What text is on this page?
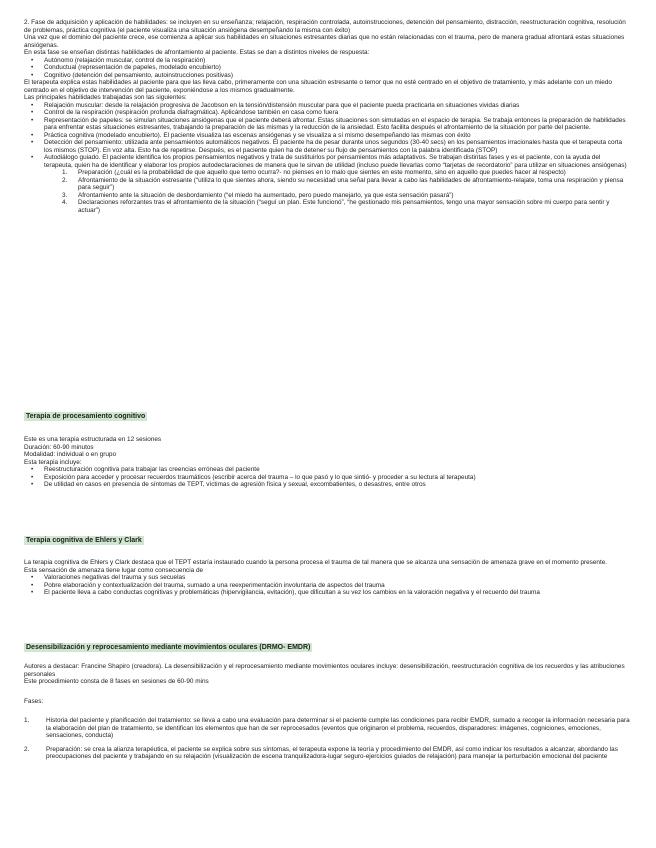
2. Fase de adquisición y aplicación de habilidades: se incluyen en su enseñanza; relajación, respiración controlada, autoinstrucciones, detención del pensamiento, distracción, reestructuración cognitiva, resolución de problemas, práctica cognitiva (el paciente visualiza una situación ansiógena desempeñando la misma con éxito)

Una vez que el dominio del paciente crece, ese comienza a aplicar sus habilidades en situaciones estresantes diarias que no están relacionadas con el trauma, pero de manera gradual afrontará estas situaciones ansiógenas.

En esta fase se enseñan distintas habilidades de afrontamiento al paciente. Estas se dan a distintos niveles de respuesta:

• Autónomo (relajación muscular, control de la respiración)
• Conductual (representación de papeles, modelado encubierto)
• Cognitivo (detención del pensamiento, autoinstrucciones positivas)

El terapeuta explica estas habilidades al paciente para que las lleva cabo, primeramente con una situación estresante o temor que no esté centrado en el objetivo de tratamiento, y más adelante con un miedo centrado en el objetivo de intervención del paciente, exponiéndose a los mismos gradualmente.

Las principales habilidades trabajadas son las siguientes:

• Relajación muscular: desde la relajación progresiva de Jacobson en la tensión/distensión muscular para que el paciente pueda practicarla en situaciones vividas diarias
• Control de la respiración (respiración profunda diafragmática). Aplicándose también en casa como fuera
• Representación de papeles: se simulan situaciones ansiógenas que el paciente deberá afrontar. Estas situaciones son simuladas en el espacio de terapia. Se trabaja entonces la preparación de habilidades para enfrentar estas situaciones estresantes, trabajando la preparación de las mismas y la reducción de la ansiedad. Esto facilita después el afrontamiento de la situación por parte del paciente.
• Práctica cognitiva (modelado encubierto). El paciente visualiza las escenas ansiógenas y se visualiza a sí mismo desempeñando las mismas con éxito
• Detección del pensamiento: utilizada ante pensamientos automáticos negativos. El paciente ha de pesar durante unos segundos (30-40 secs) en los pensamientos irracionales hasta que el terapeuta corta los mismos (STOP). En voz alta. Esto ha de repetirse. Después, es el paciente quien ha de detener su flujo de pensamientos con la palabra identificada (STOP)
• Autodiálogo guiado. El paciente identifica los propios pensamientos negativos y trata de sustituirlos por pensamientos más adaptativos. Se trabajan distintas fases y es el paciente, con la ayuda del terapeuta, quien ha de identificar y elaborar los propios autodeclaraciones de manera que le sirvan de utilidad (incluso puede llevarlas como “tarjetas de recordatorio” para utilizar en situaciones ansiógenas)
1. Preparación (¿cuál es la probabilidad de que aquello que temo ocurra?- no pienses en lo malo que sientes en este momento, sino en aquello que puedes hacer al respecto)
2. Afrontamiento de la situación estresante (“utiliza lo que sientes ahora, siendo su necesidad una señal para llevar a cabo las habilidades de afrontamiento-relajate, toma una respiración y piensa para seguir”)
3. Afrontamiento ante la situación de desbordamiento (“el miedo ha aumentado, pero puedo manejarlo, ya que esta sensación pasará”)
4. Declaraciones reforzantes tras el afrontamiento de la situación (“seguí un plan. Este funcionó”, “he gestionado mis pensamientos, tengo una mayor sensación sobre mi cuerpo para sentir y actuar”)
Terapia de procesamiento cognitivo

Este es una terapia estructurada en 12 sesiones

Duración: 60-90 minutos

Modalidad: individual o en grupo

Esta terapia incluye:

• Reestructuración cognitiva para trabajar las creencias erróneas del paciente
• Exposición para acceder y procesar recuerdos traumáticos (escribir acerca del trauma – lo que pasó y lo que sintió- y proceder a su lectura al terapeuta)
• De utilidad en casos en presencia de síntomas de TEPT, víctimas de agresión física y sexual, excombatientes, o desastres, entre otros
Terapia cognitiva de Ehlers y Clark

La terapia cognitiva de Ehlers y Clark destaca que el TEPT estaría instaurado cuando la persona procesa el trauma de tal manera que se alcanza una sensación de amenaza grave en el momento presente.

Esta sensación de amenaza tiene lugar como consecuencia de

• Valoraciones negativas del trauma y sus secuelas
• Pobre elaboración y contextualización del trauma, sumado a una reexperimentación involuntaria de aspectos del trauma
• El paciente lleva a cabo conductas cognitivas y problemáticas (hipervigilancia, evitación), que dificultan a su vez los cambios en la valoración negativa y el recuerdo del trauma
Desensibilización y reprocesamiento mediante movimientos oculares (DRMO- EMDR)

Autores a destacar: Francine Shapiro (creadora). La desensibilización y el reprocesamiento mediante movimientos oculares incluye: desensibilización, reestructuración cognitiva de los recuerdos y las atribuciones personales

Este procedimiento consta de 8 fases en sesiones de 60-90 mins

Fases:

1.	Historia del paciente y planificación del tratamiento: se lleva a cabo una evaluación para determinar si el paciente cumple las condiciones para recibir EMDR, sumado a recoger la información necesaria para la elaboración del plan de tratamiento, se identifican los elementos que han de ser reprocesados (eventos que originaron el problema, recuerdos, disparadores: imágenes, cogniciones, emociones, sensaciones, conducta)
2.	Preparación: se crea la alianza terapéutica, el paciente se explica sobre sus síntomas, el terapeuta expone la teoría y procedimiento del EMDR, así como indicar los resultados a alcanzar, abordando las preocupaciones del paciente y trabajando en su relajación (visualización de escena tranquilizadora-lugar seguro-ejercicios guiados de relajación) para manejar la perturbación emocional del paciente
